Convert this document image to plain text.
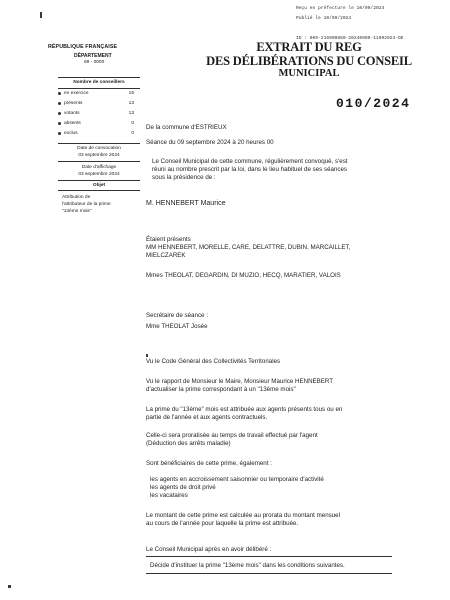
Reçu en préfecture le 10/09/2024
Publié le 10/09/2024
ID : 069-216900860-20240909-11092024-DE
RÉPUBLIQUE FRANÇAISE
DÉPARTEMENT
69 - 0000
EXTRAIT DU REG
DES DÉLIBÉRATIONS DU CONSEIL
MUNICIPAL
Nombre de conseillers
en exercice	15
présents	13
votants	13
absents	0
exclus	0
Date de convocation
03 septembre 2024
Date d'affichage
03 septembre 2024
Objet
Attribution de
l'attributeur de la prime
"13ème mois"
010/2024
De la commune d'ESTRIEUX
Séance du 09 septembre 2024 à 20 heures 00
Le Conseil Municipal de cette commune, régulièrement convoqué, s'est
réuni au nombre prescrit par la loi, dans le lieu habituel de ses séances
sous la présidence de :
M. HENNEBERT Maurice
Étaient présents
MM HENNEBERT, MORELLE, CARE, DELATTRE, DUBIN, MARCAILLET,
MIELCZAREK
Mmes THEOLAT, DEGARDIN, DI MUZIO, HECQ, MARATIER, VALOIS
Secrétaire de séance :
Mme THEOLAT Josée
Vu le Code Général des Collectivités Territoriales
Vu le rapport de Monsieur le Maire, Monsieur Maurice HENNEBERT
d'actualiser la prime correspondant à un "13ème mois"
La prime du "13ème" mois est attribuée aux agents présents tous ou en
partie de l'année et aux agents contractuels.
Celle-ci sera proratisée au temps de travail effectué par l'agent
(Déduction des arrêts maladie)
Sont bénéficiaires de cette prime, également :
les agents en accroissement saisonnier ou temporaire d'activité
les agents de droit privé
les vacataires
Le montant de cette prime est calculée au prorata du montant mensuel
au cours de l'année pour laquelle la prime est attribuée.
Le Conseil Municipal après en avoir délibéré :
Décide d'instituer la prime "13ème mois" dans les conditions suivantes.
